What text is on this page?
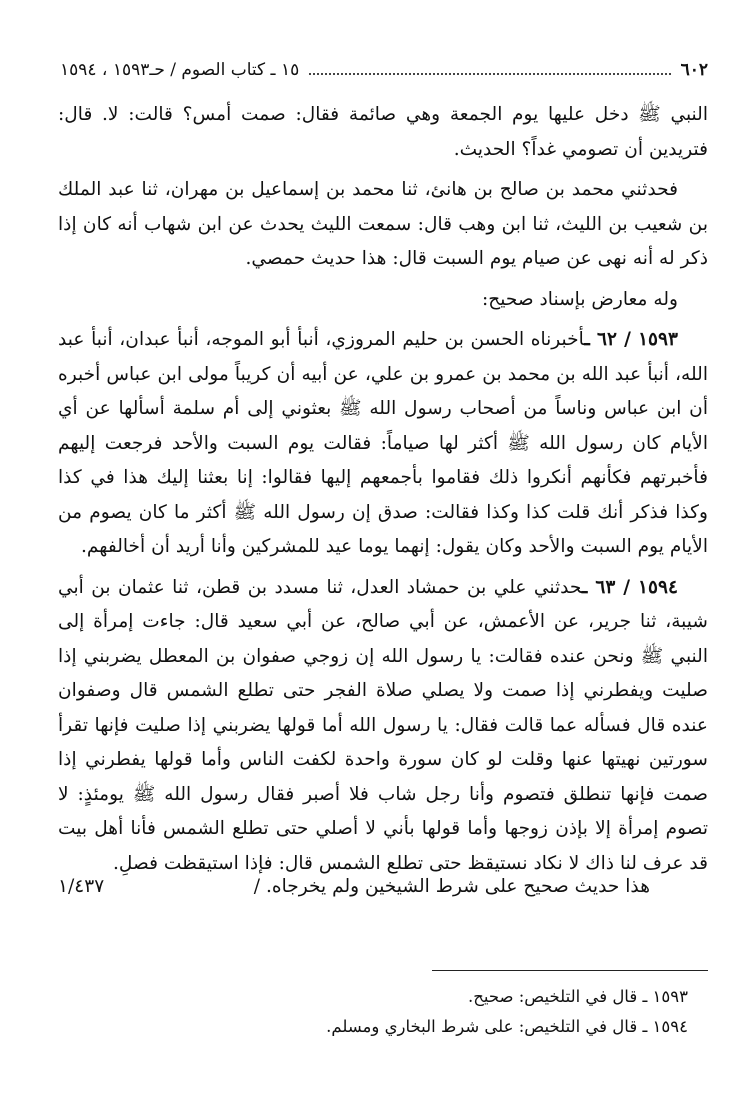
١٥ ـ كتاب الصوم / حـ١٥٩٣ ، ١٥٩٤	٦٠٢

النبي ﷺ دخل عليها يوم الجمعة وهي صائمة فقال: صمت أمس؟ قالت: لا. قال: فتريدين أن تصومي غداً؟ الحديث.

فحدثني محمد بن صالح بن هانئ، ثنا محمد بن إسماعيل بن مهران، ثنا عبد الملك بن شعيب بن الليث، ثنا ابن وهب قال: سمعت الليث يحدث عن ابن شهاب أنه كان إذا ذكر له أنه نهى عن صيام يوم السبت قال: هذا حديث حمصي.

وله معارض بإسناد صحيح:

١٥٩٣ / ٦٢ ـأخبرناه الحسن بن حليم المروزي، أنبأ أبو الموجه، أنبأ عبدان، أنبأ عبد الله، أنبأ عبد الله بن محمد بن عمرو بن علي، عن أبيه أن كريباً مولى ابن عباس أخبره أن ابن عباس وناساً من أصحاب رسول الله ﷺ بعثوني إلى أم سلمة أسألها عن أي الأيام كان رسول الله ﷺ أكثر لها صياماً: فقالت يوم السبت والأحد فرجعت إليهم فأخبرتهم فكأنهم أنكروا ذلك فقاموا بأجمعهم إليها فقالوا: إنا بعثنا إليك هذا في كذا وكذا فذكر أنك قلت كذا وكذا فقالت: صدق إن رسول الله ﷺ أكثر ما كان يصوم من الأيام يوم السبت والأحد وكان يقول: إنهما يوما عيد للمشركين وأنا أريد أن أخالفهم.

١٥٩٤ / ٦٣ ـحدثني علي بن حمشاد العدل، ثنا مسدد بن قطن، ثنا عثمان بن أبي شيبة، ثنا جرير، عن الأعمش، عن أبي صالح، عن أبي سعيد قال: جاءت إمرأة إلى النبي ﷺ ونحن عنده فقالت: يا رسول الله إن زوجي صفوان بن المعطل يضربني إذا صليت ويفطرني إذا صمت ولا يصلي صلاة الفجر حتى تطلع الشمس قال وصفوان عنده قال فسأله عما قالت فقال: يا رسول الله أما قولها يضربني إذا صليت فإنها تقرأ سورتين نهيتها عنها وقلت لو كان سورة واحدة لكفت الناس وأما قولها يفطرني إذا صمت فإنها تنطلق فتصوم وأنا رجل شاب فلا أصبر فقال رسول الله ﷺ يومئذٍ: لا تصوم إمرأة إلا بإذن زوجها وأما قولها بأني لا أصلي حتى تطلع الشمس فأنا أهل بيت قد عرف لنا ذاك لا نكاد نستيقظ حتى تطلع الشمس قال: فإذا استيقظت فصلِ.

هذا حديث صحيح على شرط الشيخين ولم يخرجاه. /
١/٤٣٧
١٥٩٣ ـ قال في التلخيص: صحيح.
١٥٩٤ ـ قال في التلخيص: على شرط البخاري ومسلم.
